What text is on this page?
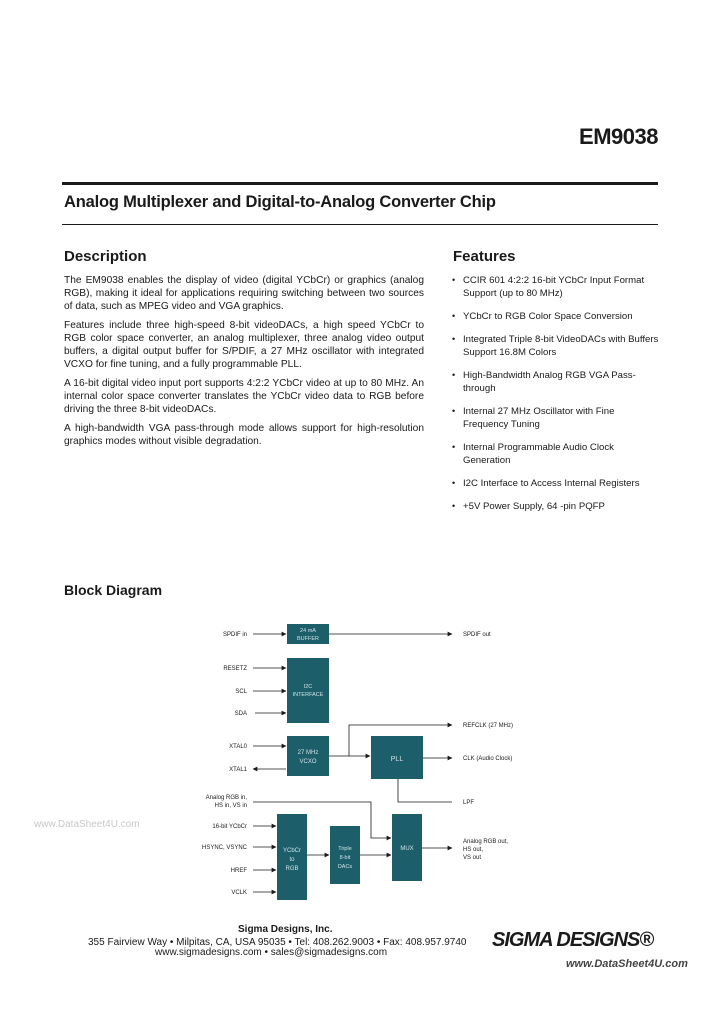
EM9038
Analog Multiplexer and Digital-to-Analog Converter Chip
Description	Features

The EM9038 enables the display of video (digital YCbCr) or graphics (analog RGB), making it ideal for applications requiring switching between two sources of data, such as MPEG video and VGA graphics.

Features include three high-speed 8-bit videoDACs, a high speed YCbCr to RGB color space converter, an analog multiplexer, three analog video output buffers, a digital output buffer for S/PDIF, a 27 MHz oscillator with integrated VCXO for fine tuning, and a fully programmable PLL.

A 16-bit digital video input port supports 4:2:2 YCbCr video at up to 80 MHz. An internal color space converter translates the YCbCr video data to RGB before driving the three 8-bit videoDACs.

A high-bandwidth VGA pass-through mode allows support for high-resolution graphics modes without visible degradation.

• CCIR 601 4:2:2 16-bit YCbCr Input Format Support (up to 80 MHz)
• YCbCr to RGB Color Space Conversion
• Integrated Triple 8-bit VideoDACs with Buffers Support 16.8M Colors
• High-Bandwidth Analog RGB VGA Pass-through
• Internal 27 MHz Oscillator with Fine Frequency Tuning
• Internal Programmable Audio Clock Generation
• I2C Interface to Access Internal Registers
• +5V Power Supply, 64 -pin PQFP
Block Diagram
24 mA
BUFFER
I2C
INTERFACE
27 MHz
VCXO	PLL
YCbCr
to
RGB
Triple
8-bit
DACs
MUX
SPDIF in
RESETZ
SCL
SDA
XTAL0
XTAL1
Analog RGB in,
HS in, VS in
16-bit YCbCr
HSYNC, VSYNC
HREF
VCLK
SPDIF out
REFCLK (27 MHz)
CLK (Audio Clock)
LPF
Analog RGB out,
HS out,
VS out
www.DataSheet4U.com
Sigma Designs, Inc.
355 Fairview Way • Milpitas, CA, USA 95035 • Tel: 408.262.9003 • Fax: 408.957.9740
www.sigmadesigns.com • sales@sigmadesigns.com
SIGMA DESIGNS®
www.DataSheet4U.com
